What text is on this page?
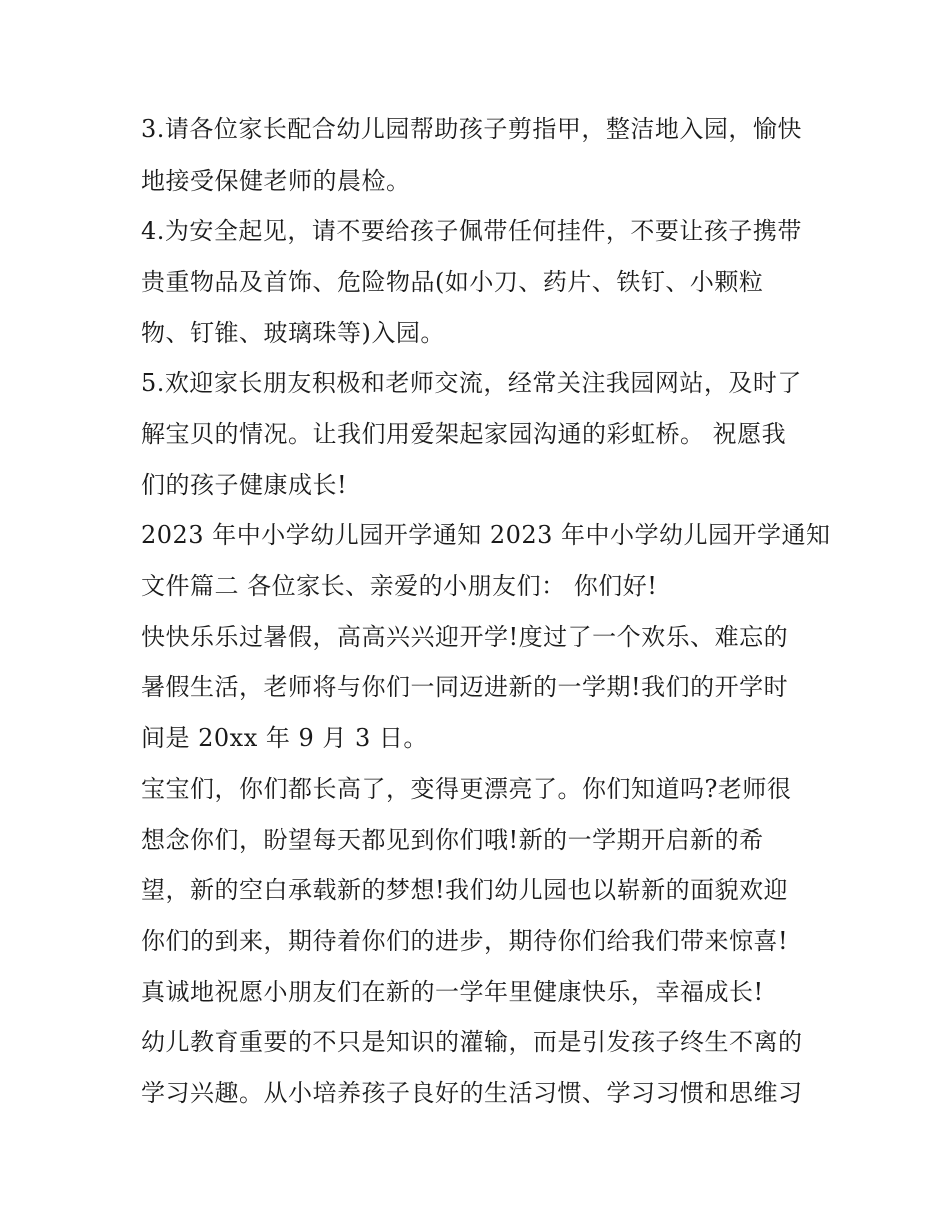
3.请各位家长配合幼儿园帮助孩子剪指甲，整洁地入园，愉快
地接受保健老师的晨检。
4.为安全起见，请不要给孩子佩带任何挂件，不要让孩子携带
贵重物品及首饰、危险物品(如小刀、药片、铁钉、小颗粒
物、钉锥、玻璃珠等)入园。
5.欢迎家长朋友积极和老师交流，经常关注我园网站，及时了
解宝贝的情况。让我们用爱架起家园沟通的彩虹桥。 祝愿我
们的孩子健康成长!
2023 年中小学幼儿园开学通知 2023 年中小学幼儿园开学通知
文件篇二 各位家长、亲爱的小朋友们： 你们好!
快快乐乐过暑假，高高兴兴迎开学!度过了一个欢乐、难忘的
暑假生活，老师将与你们一同迈进新的一学期!我们的开学时
间是 20xx 年 9 月 3 日。
宝宝们，你们都长高了，变得更漂亮了。你们知道吗?老师很
想念你们，盼望每天都见到你们哦!新的一学期开启新的希
望，新的空白承载新的梦想!我们幼儿园也以崭新的面貌欢迎
你们的到来，期待着你们的进步，期待你们给我们带来惊喜!
真诚地祝愿小朋友们在新的一学年里健康快乐，幸福成长!
幼儿教育重要的不只是知识的灌输，而是引发孩子终生不离的
学习兴趣。从小培养孩子良好的生活习惯、学习习惯和思维习
